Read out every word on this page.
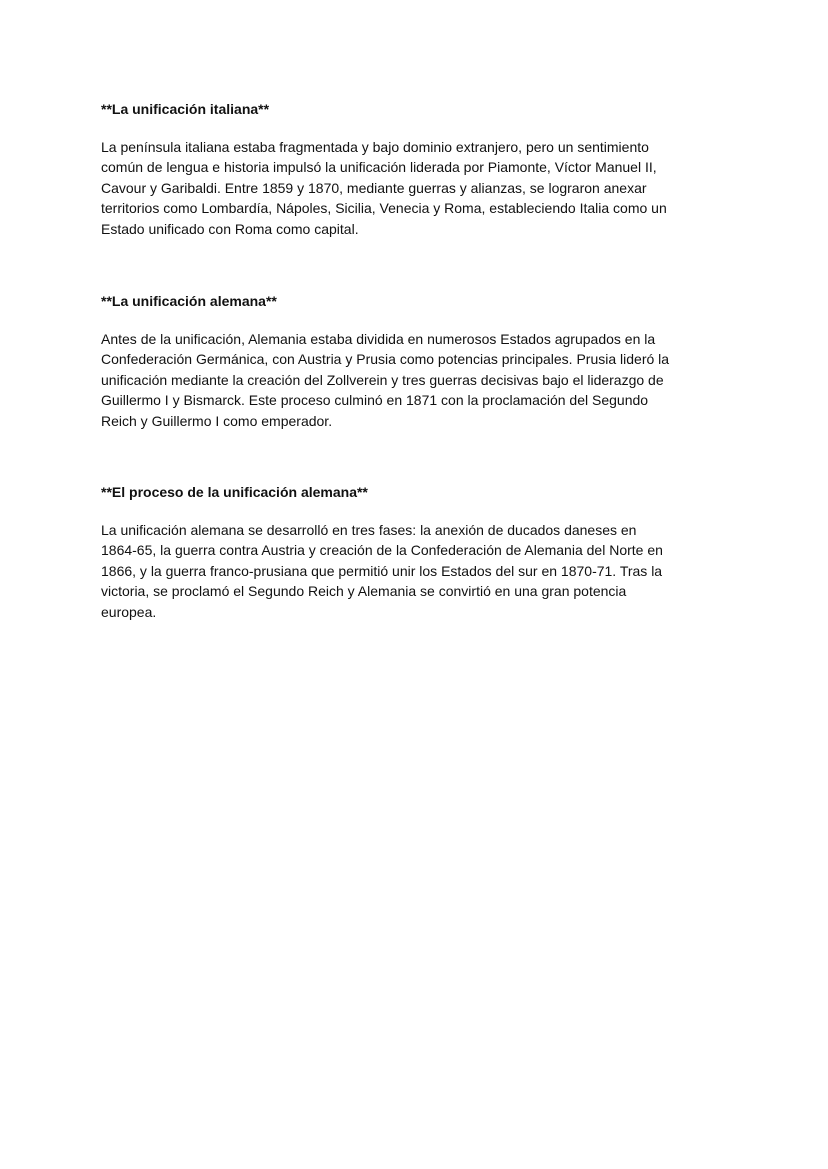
**La unificación italiana**

La península italiana estaba fragmentada y bajo dominio extranjero, pero un sentimiento
común de lengua e historia impulsó la unificación liderada por Piamonte, Víctor Manuel II,
Cavour y Garibaldi. Entre 1859 y 1870, mediante guerras y alianzas, se lograron anexar
territorios como Lombardía, Nápoles, Sicilia, Venecia y Roma, estableciendo Italia como un
Estado unificado con Roma como capital.

**La unificación alemana**

Antes de la unificación, Alemania estaba dividida en numerosos Estados agrupados en la
Confederación Germánica, con Austria y Prusia como potencias principales. Prusia lideró la
unificación mediante la creación del Zollverein y tres guerras decisivas bajo el liderazgo de
Guillermo I y Bismarck. Este proceso culminó en 1871 con la proclamación del Segundo
Reich y Guillermo I como emperador.

**El proceso de la unificación alemana**

La unificación alemana se desarrolló en tres fases: la anexión de ducados daneses en
1864-65, la guerra contra Austria y creación de la Confederación de Alemania del Norte en
1866, y la guerra franco-prusiana que permitió unir los Estados del sur en 1870-71. Tras la
victoria, se proclamó el Segundo Reich y Alemania se convirtió en una gran potencia
europea.
